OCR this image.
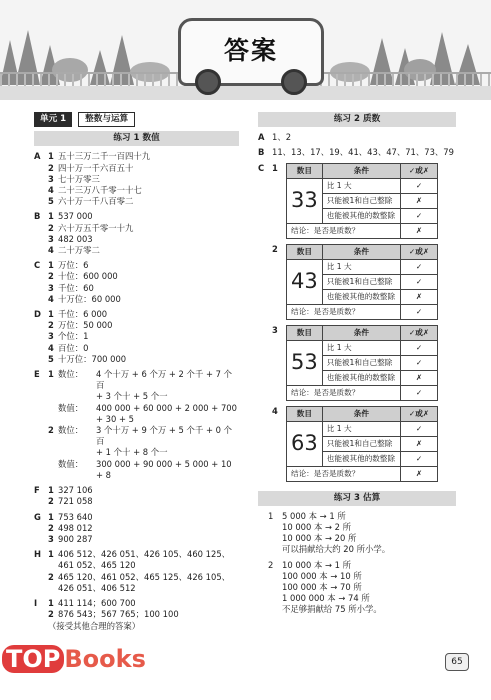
答案
单元 1	整数与运算
练习 1 数值
A 1 五十三万二千一百四十九
2 四十万一千六百五十
3 七十万零三
4 二十三万八千零一十七
5 六十万一千八百零二
B 1 537 000
2 六十万五千零一十九
3 482 003
4 二十万零二
C 1 万位：6
2 十位：600 000
3 千位：60
4 十万位：60 000
D 1 千位：6 000
2 万位：50 000
3 个位：1
4 百位：0
5 十万位：700 000
E 1 数位：	4 个十万 + 6 个万 + 2 个千 + 7 个百
+ 3 个十 + 5 个一
数值：	400 000 + 60 000 + 2 000 + 700 + 30 + 5
2 数位：	3 个十万 + 9 个万 + 5 个千 + 0 个百
+ 1 个十 + 8 个一
数值：	300 000 + 90 000 + 5 000 + 10 + 8
F 1 327 106
2 721 058
G 1 753 640
2 498 012
3 900 287
H 1 406 512、426 051、426 105、460 125、
461 052、465 120
2 465 120、461 052、465 125、426 105、
426 051、406 512
I	1 411 114；600 700
2 876 543；567 765；100 100
（接受其他合理的答案）
练习 2 质数
A 1、2
B 11、13、17、19、41、43、47、71、73、79
C 1	数目	条件	✓或✗
33	比 1 大	✓
	只能被1和自己整除	✗
	也能被其他的数整除	✓
结论：是否是质数？		✗
2	数目	条件	✓或✗
43	比 1 大	✓
	只能被1和自己整除	✓
	也能被其他的数整除	✗
结论：是否是质数？		✓
3	数目	条件	✓或✗
53	比 1 大	✓
	只能被1和自己整除	✓
	也能被其他的数整除	✗
结论：是否是质数？		✓
4	数目	条件	✓或✗
63	比 1 大	✓
	只能被1和自己整除	✗
	也能被其他的数整除	✓
结论：是否是质数？		✗
练习 3 估算
1	5 000 本 → 1 所
10 000 本 → 2 所
10 000 本 → 20 所
可以捐献给大约 20 所小学。
2	10 000 本 → 1 所
100 000 本 → 10 所
100 000 本 → 70 所
1 000 000 本 → 74 所
不足够捐献给 75 所小学。
TOP Books	65
